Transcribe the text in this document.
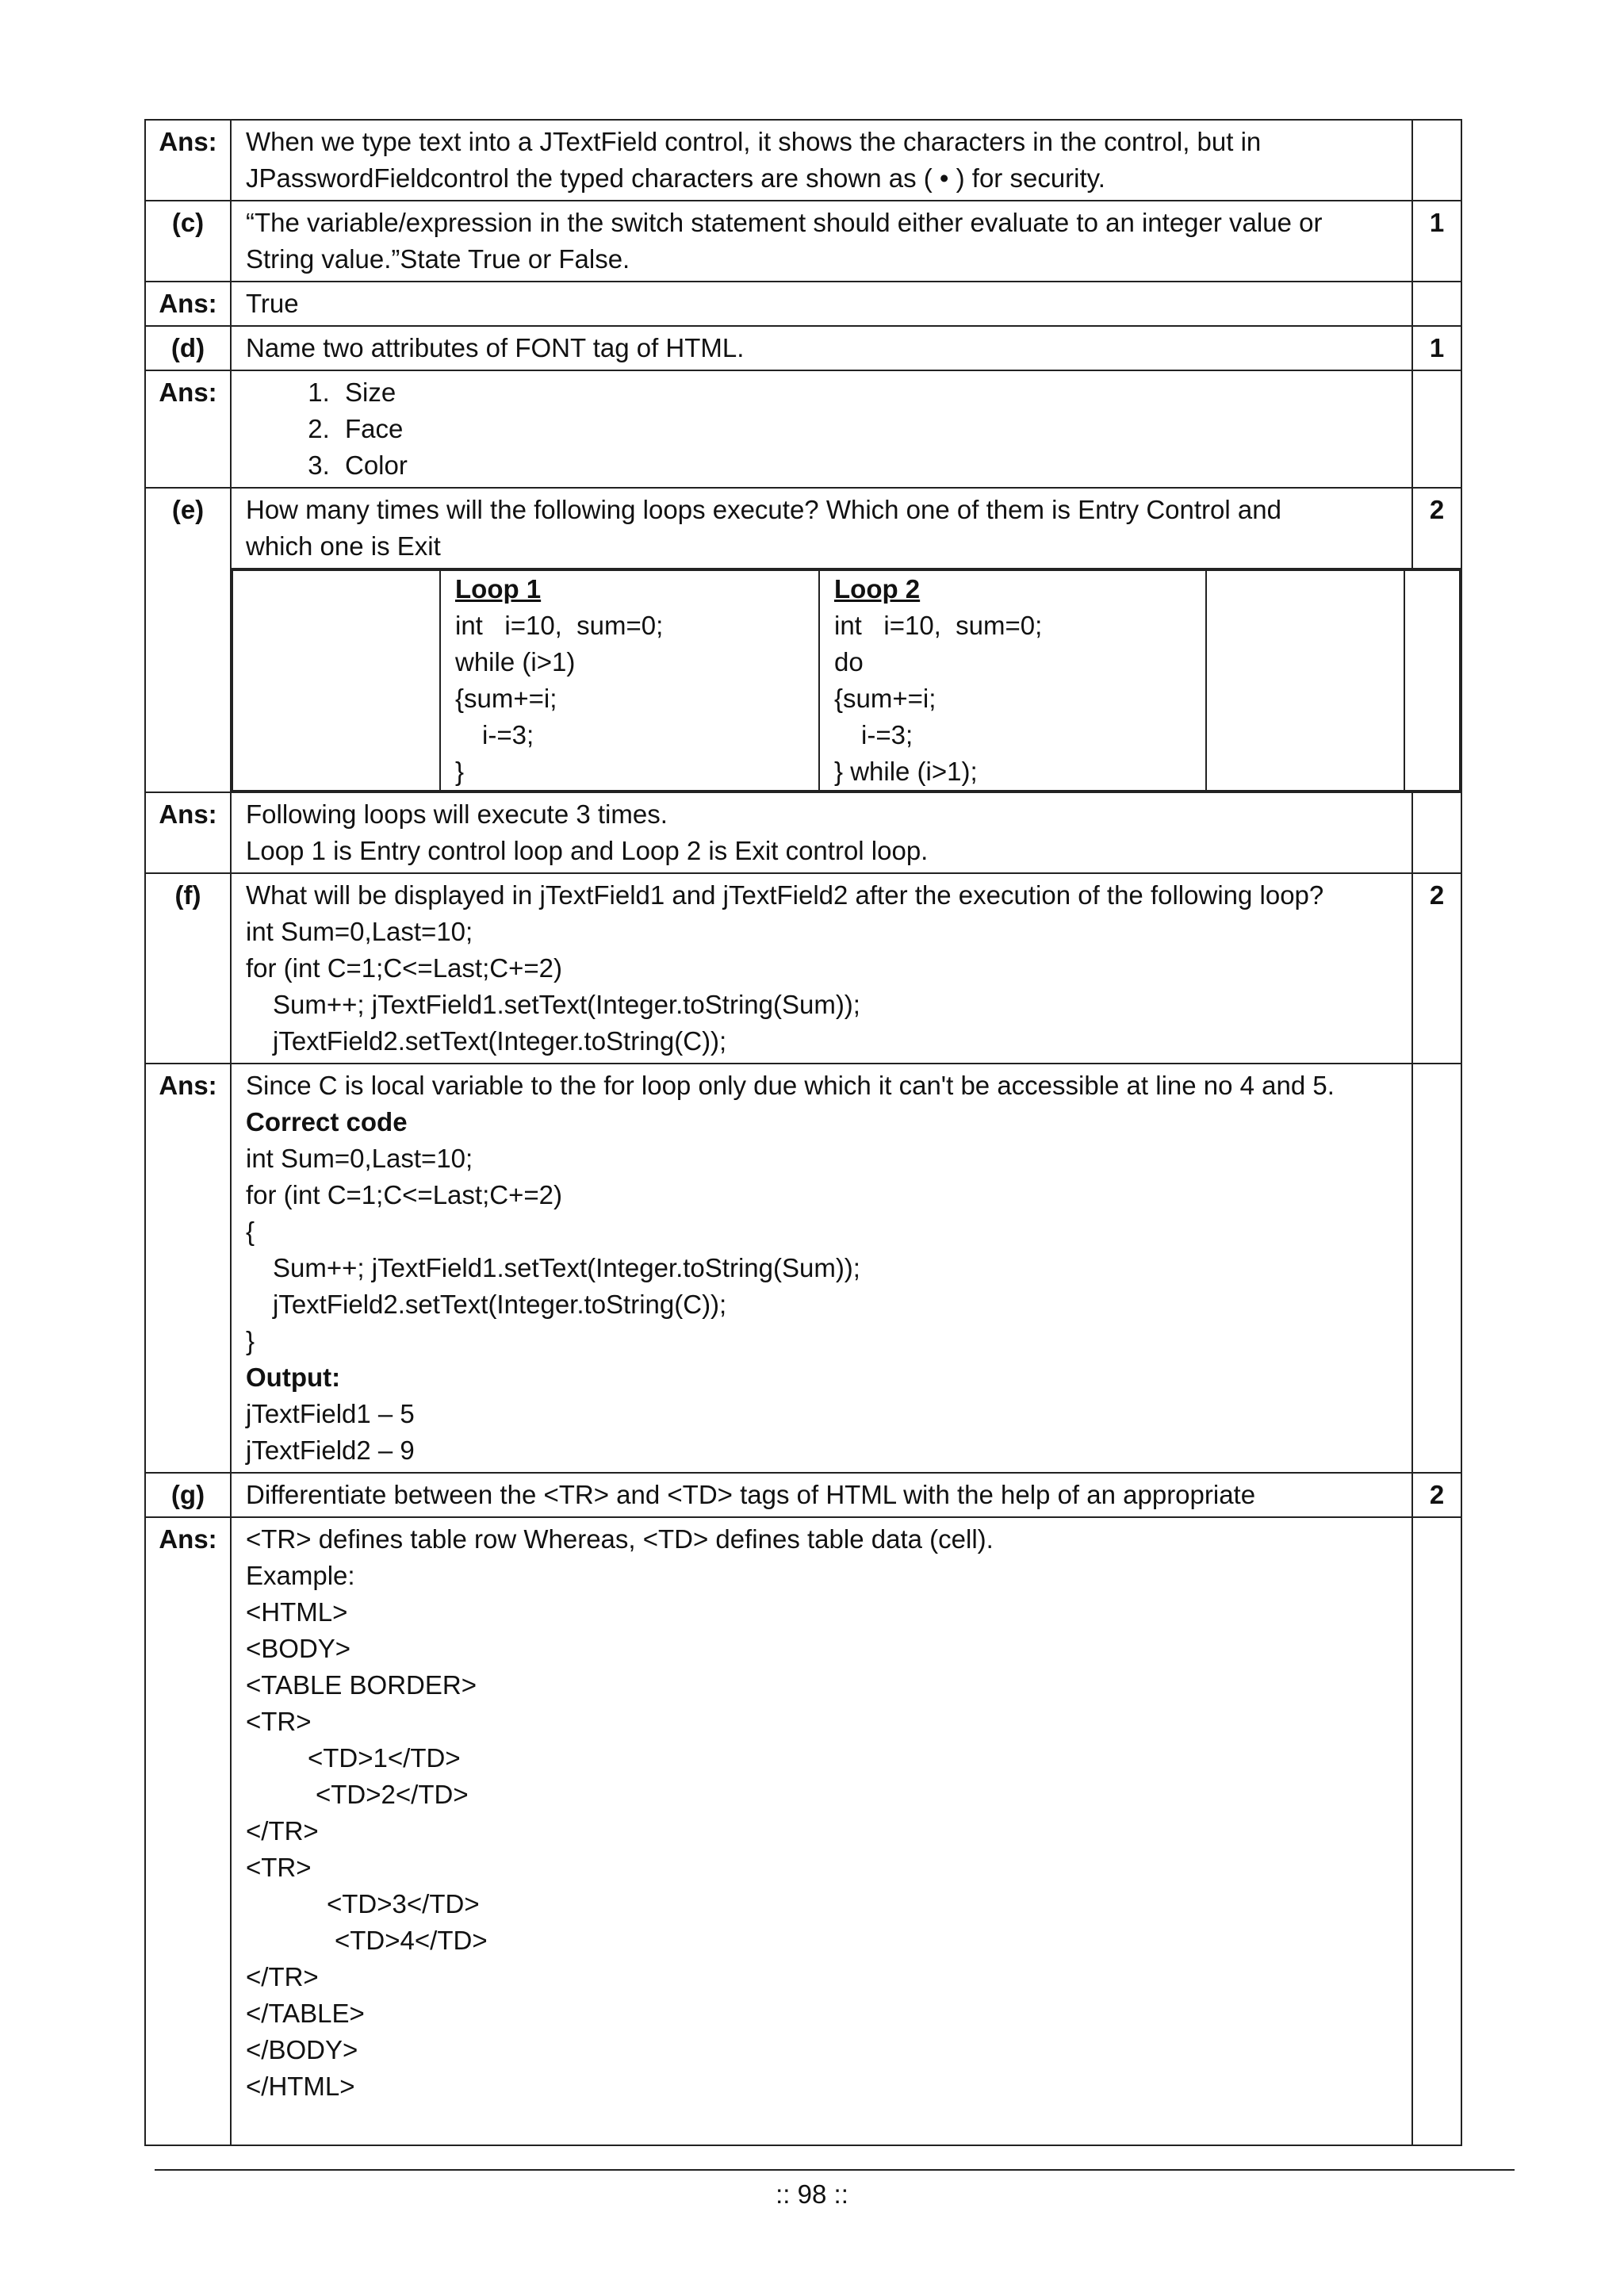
Ans:	When we type text into a JTextField control, it shows the characters in the control, but in
JPasswordFieldcontrol the typed characters are shown as ( • ) for security.

(c)	“The variable/expression in the switch statement should either evaluate to an integer value or
String value.”State True or False.
	1
Ans:	True	
(d)	Name two attributes of FONT tag of HTML.	1
Ans:	
1.Size
2. Face
3. Color

(e)	How many times will the following loops execute? Which one of them is Entry Control and
which one is Exit
	2

Loop 1
int   i=10,  sum=0;
while (i>1)
{sum+=i;
i-=3;
}

Loop 2
int   i=10,  sum=0;
do
{sum+=i;
i-=3;
} while (i>1);

Ans:	Following loops will execute 3 times.
Loop 1 is Entry control loop and Loop 2 is Exit control loop.

(f)	What will be displayed in jTextField1 and jTextField2 after the execution of the following loop?
int Sum=0,Last=10;
for (int C=1;C<=Last;C+=2)
Sum++; jTextField1.setText(Integer.toString(Sum));
jTextField2.setText(Integer.toString(C));
	2
Ans:	Since C is local variable to the for loop only due which it can't be accessible at line no 4 and 5.
Correct code
int Sum=0,Last=10;
for (int C=1;C<=Last;C+=2)
{
Sum++; jTextField1.setText(Integer.toString(Sum));
jTextField2.setText(Integer.toString(C));
}
Output:
jTextField1 – 5
jTextField2 – 9

(g)	Differentiate between the <TR> and <TD> tags of HTML with the help of an appropriate	2
Ans:	<TR> defines table row Whereas, <TD> defines table data (cell).
Example:
<HTML>
<BODY>
<TABLE BORDER>
<TR>
<TD>1</TD>
<TD>2</TD>
</TR>
<TR>
<TD>3</TD>
<TD>4</TD>
</TR>
</TABLE>
</BODY>
</HTML>

:: 98 ::
